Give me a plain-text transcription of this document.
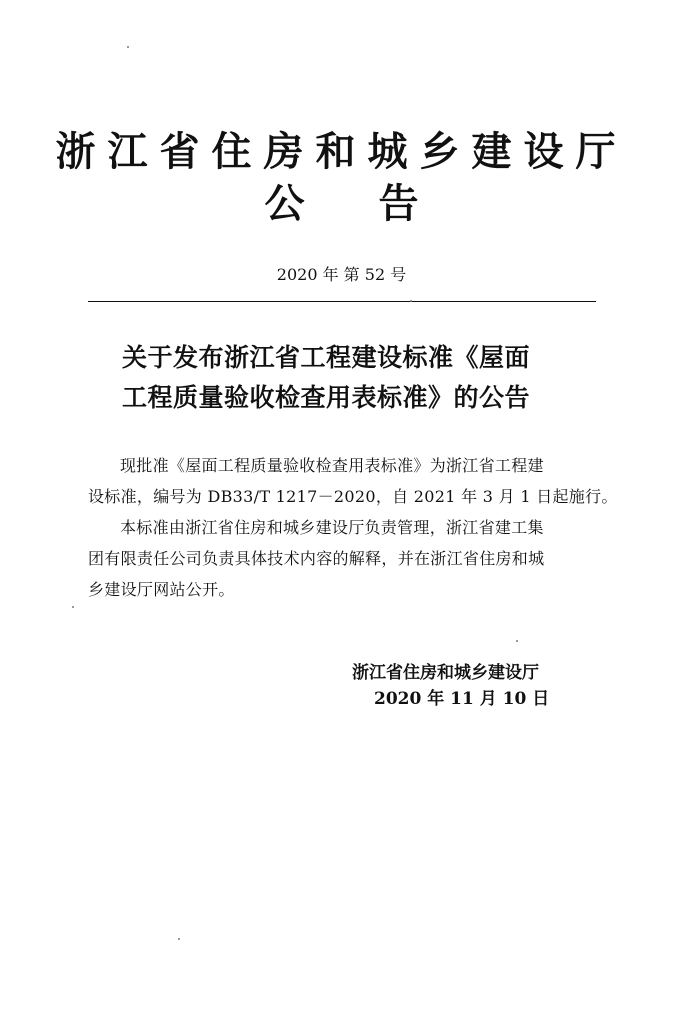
浙江省住房和城乡建设厅
公告
2020 年 第 52 号
关于发布浙江省工程建设标准《屋面
工程质量验收检查用表标准》的公告
现批准《屋面工程质量验收检查用表标准》为浙江省工程建
设标准，编号为 DB33/T 1217－2020，自 2021 年 3 月 1 日起施行。
本标准由浙江省住房和城乡建设厅负责管理，浙江省建工集
团有限责任公司负责具体技术内容的解释，并在浙江省住房和城
乡建设厅网站公开。
浙江省住房和城乡建设厅
2020 年 11 月 10 日
